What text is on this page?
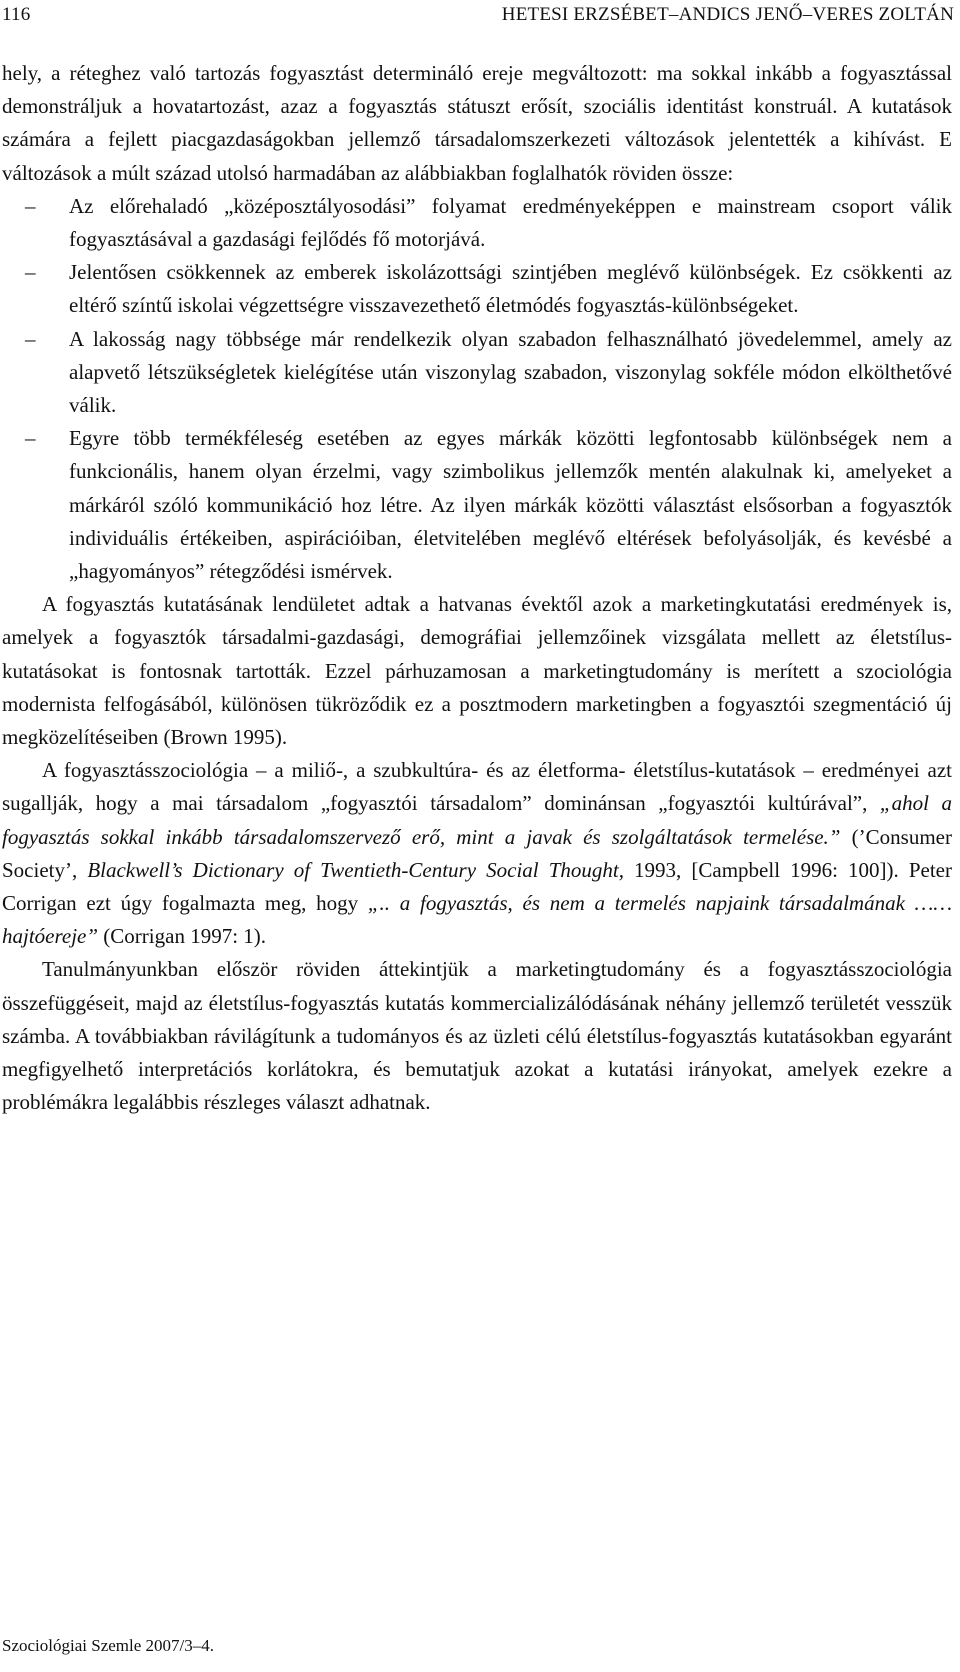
116	HETESI ERZSÉBET–ANDICS JENŐ–VERES ZOLTÁN

hely, a réteghez való tartozás fogyasztást determináló ereje megváltozott: ma sokkal inkább a fogyasztással demonstráljuk a hovatartozást, azaz a fogyasztás státuszt erősít, szociális identitást konstruál. A kutatások számára a fejlett piacgazdaságokban jellemző társadalomszerkezeti változások jelentették a kihívást. E változások a múlt század utolsó harmadában az alábbiakban foglalhatók röviden össze:

– Az előrehaladó „középosztályosodási” folyamat eredményeképpen e mainstream csoport válik fogyasztásával a gazdasági fejlődés fő motorjává.
– Jelentősen csökkennek az emberek iskolázottsági szintjében meglévő különbségek. Ez csökkenti az eltérő színtű iskolai végzettségre visszavezethető életmódés fogyasztás-különbségeket.
– A lakosság nagy többsége már rendelkezik olyan szabadon felhasználható jövedelemmel, amely az alapvető létszükségletek kielégítése után viszonylag szabadon, viszonylag sokféle módon elkölthetővé válik.
– Egyre több termékféleség esetében az egyes márkák közötti legfontosabb különbségek nem a funkcionális, hanem olyan érzelmi, vagy szimbolikus jellemzők mentén alakulnak ki, amelyeket a márkáról szóló kommunikáció hoz létre. Az ilyen márkák közötti választást elsősorban a fogyasztók individuális értékeiben, aspirációiban, életvitelében meglévő eltérések befolyásolják, és kevésbé a „hagyományos” rétegződési ismérvek.

A fogyasztás kutatásának lendületet adtak a hatvanas évektől azok a marketingkutatási eredmények is, amelyek a fogyasztók társadalmi-gazdasági, demográfiai jellemzőinek vizsgálata mellett az életstílus-kutatásokat is fontosnak tartották. Ezzel párhuzamosan a marketingtudomány is merített a szociológia modernista felfogásából, különösen tükröződik ez a posztmodern marketingben a fogyasztói szegmentáció új megközelítéseiben (Brown 1995).

A fogyasztásszociológia – a miliő-, a szubkultúra- és az életforma- életstílus-kutatások – eredményei azt sugallják, hogy a mai társadalom „fogyasztói társadalom” dominánsan „fogyasztói kultúrával”, „ahol a fogyasztás sokkal inkább társadalomszervező erő, mint a javak és szolgáltatások termelése.” (’Consumer Society’, Blackwell’s Dictionary of Twentieth-Century Social Thought, 1993, [Campbell 1996: 100]). Peter Corrigan ezt úgy fogalmazta meg, hogy „.. a fogyasztás, és nem a termelés napjaink társadalmának ……hajtóereje” (Corrigan 1997: 1).

Tanulmányunkban először röviden áttekintjük a marketingtudomány és a fogyasztásszociológia összefüggéseit, majd az életstílus-fogyasztás kutatás kommercializálódásának néhány jellemző területét vesszük számba. A továbbiakban rávilágítunk a tudományos és az üzleti célú életstílus-fogyasztás kutatásokban egyaránt megfigyelhető interpretációs korlátokra, és bemutatjuk azokat a kutatási irányokat, amelyek ezekre a problémákra legalábbis részleges választ adhatnak.

Szociológiai Szemle 2007/3–4.
